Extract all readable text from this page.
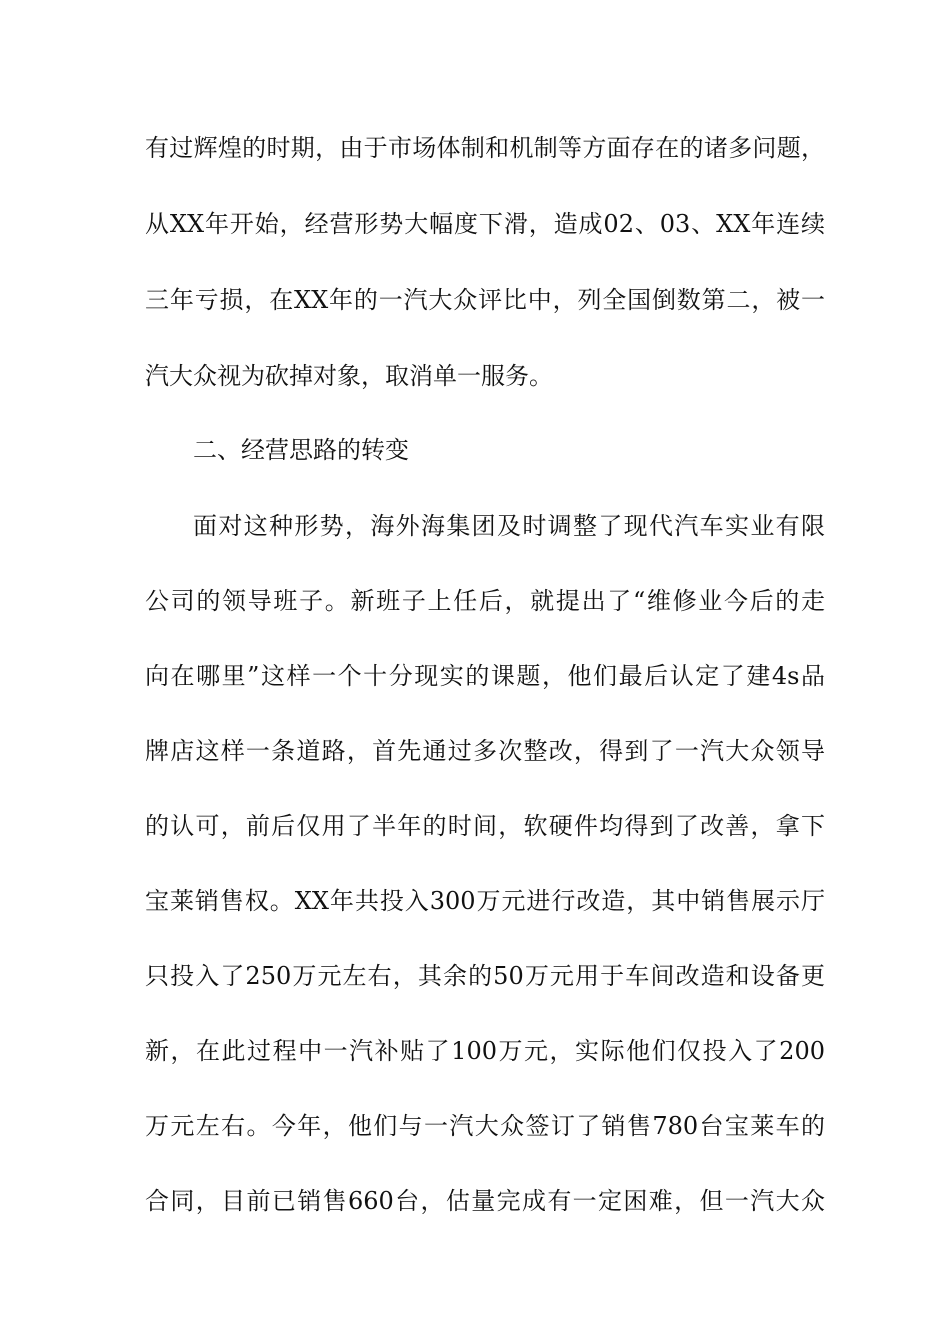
有过辉煌的时期，由于市场体制和机制等方面存在的诸多问题，
从XX年开始，经营形势大幅度下滑，造成02、03、XX年连续
三年亏损，在XX年的一汽大众评比中，列全国倒数第二，被一
汽大众视为砍掉对象，取消单一服务。
二、经营思路的转变
面对这种形势，海外海集团及时调整了现代汽车实业有限
公司的领导班子。新班子上任后，就提出了“维修业今后的走
向在哪里”这样一个十分现实的课题，他们最后认定了建4s品
牌店这样一条道路，首先通过多次整改，得到了一汽大众领导
的认可，前后仅用了半年的时间，软硬件均得到了改善，拿下
宝莱销售权。XX年共投入300万元进行改造，其中销售展示厅
只投入了250万元左右，其余的50万元用于车间改造和设备更
新，在此过程中一汽补贴了100万元，实际他们仅投入了200
万元左右。今年，他们与一汽大众签订了销售780台宝莱车的
合同，目前已销售660台，估量完成有一定困难，但一汽大众
